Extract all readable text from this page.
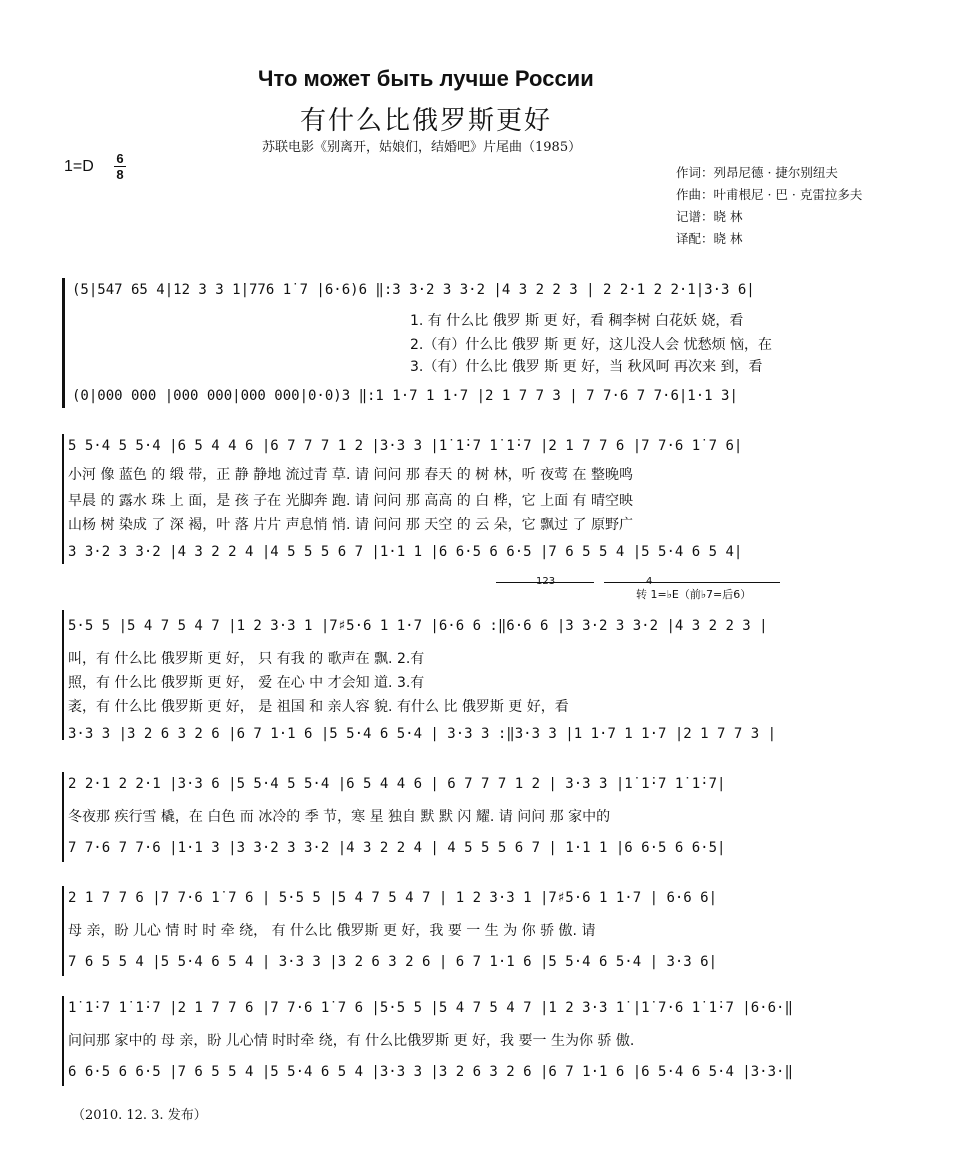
Что может быть лучше России
有什么比俄罗斯更好
苏联电影《别离开，姑娘们，结婚吧》片尾曲（1985）
1=D 6
8	作词：列昂尼德 · 捷尔别纽夫
作曲：叶甫根尼 · 巴 · 克雷拉多夫
记谱：晓 林
译配：晓 林
(5|547 65 4|12 3 3 1̇|776 1̇ 7 |6·6)6 ‖:3 3·2 3 3·2 |4 3 2 2 3 | 2 2·1 2 2·1|3·3 6|
1. 有 什么比 俄罗 斯 更 好，看 稠李树 白花妖 娆，看
2.（有）什么比 俄罗 斯 更 好，这儿没人会 忧愁烦 恼，在
3.（有）什么比 俄罗 斯 更 好，当 秋风呵 再次来 到，看
(0|000 000 |000 000|000 000|0·0)3 ‖:1 1·7 1 1·7 |2 1 7 7 3 | 7 7·6 7 7·6|1·1 3|
5 5·4 5 5·4 |6 5 4 4 6 |6 7 7 7 1 2 |3·3 3 |1̇ 1̇·7 1̇ 1̇·7 |2 1 7 7 6 |7 7·6 1̇ 7 6|
小河 像 蓝色 的 缎 带，正 静 静地 流过青 草. 请 问问 那 春天 的 树 林，听 夜莺 在 整晚鸣
早晨 的 露水 珠 上 面，是 孩 子在 光脚奔 跑. 请 问问 那 高高 的 白 桦，它 上面 有 晴空映
山杨 树 染成 了 深 褐，叶 落 片片 声息悄 悄. 请 问问 那 天空 的 云 朵，它 飘过 了 原野广
3 3·2 3 3·2 |4 3 2 2 4 |4 5 5 5 6 7 |1·1 1 |6 6·5 6 6·5 |7 6 5 5 4 |5 5·4 6 5 4|
123	4
转 1=♭E（前♭7=后6）
5·5 5 |5 4 7 5 4 7 |1 2 3·3 1 |7♯5·6 1 1·7 |6·6 6 :‖6·6 6 |3 3·2 3 3·2 |4 3 2 2 3 |
叫，有 什么比 俄罗斯 更 好， 只 有我 的 歌声在 飘. 2.有
照，有 什么比 俄罗斯 更 好， 爱 在心 中 才会知 道. 3.有
袤，有 什么比 俄罗斯 更 好， 是 祖国 和 亲人容 貌. 有什么 比 俄罗斯 更 好，看
3·3 3 |3 2 6 3 2 6 |6 7 1·1 6 |5 5·4 6 5·4 | 3·3 3 :‖3·3 3 |1 1·7 1 1·7 |2 1 7 7 3 |
2 2·1 2 2·1 |3·3 6 |5 5·4 5 5·4 |6 5 4 4 6 | 6 7 7 7 1 2 | 3·3 3 |1̇ 1̇·7 1̇ 1̇·7|
冬夜那 疾行雪 橇，在 白色 而 冰冷的 季 节，寒 星 独自 默 默 闪 耀. 请 问问 那 家中的
7 7·6 7 7·6 |1·1 3 |3 3·2 3 3·2 |4 3 2 2 4 | 4 5 5 5 6 7 | 1·1 1 |6 6·5 6 6·5|
2 1 7 7 6 |7 7·6 1̇ 7 6 | 5·5 5 |5 4 7 5 4 7 | 1 2 3·3 1 |7♯5·6 1 1·7 | 6·6 6|
母 亲，盼 儿心 情 时 时 牵 绕， 有 什么比 俄罗斯 更 好，我 要 一 生 为 你 骄 傲. 请
7 6 5 5 4 |5 5·4 6 5 4 | 3·3 3 |3 2 6 3 2 6 | 6 7 1·1 6 |5 5·4 6 5·4 | 3·3 6|
1̇ 1̇·7 1̇ 1̇·7 |2 1 7 7 6 |7 7·6 1̇ 7 6 |5·5 5 |5 4 7 5 4 7 |1 2 3·3 1̇ |1̇ 7·6 1̇ 1̇·7 |6·6·‖
问问那 家中的 母 亲，盼 儿心情 时时牵 绕，有 什么比俄罗斯 更 好，我 要一 生为你 骄 傲.
6 6·5 6 6·5 |7 6 5 5 4 |5 5·4 6 5 4 |3·3 3 |3 2 6 3 2 6 |6 7 1·1 6 |6 5·4 6 5·4 |3·3·‖
（2010. 12. 3. 发布）
